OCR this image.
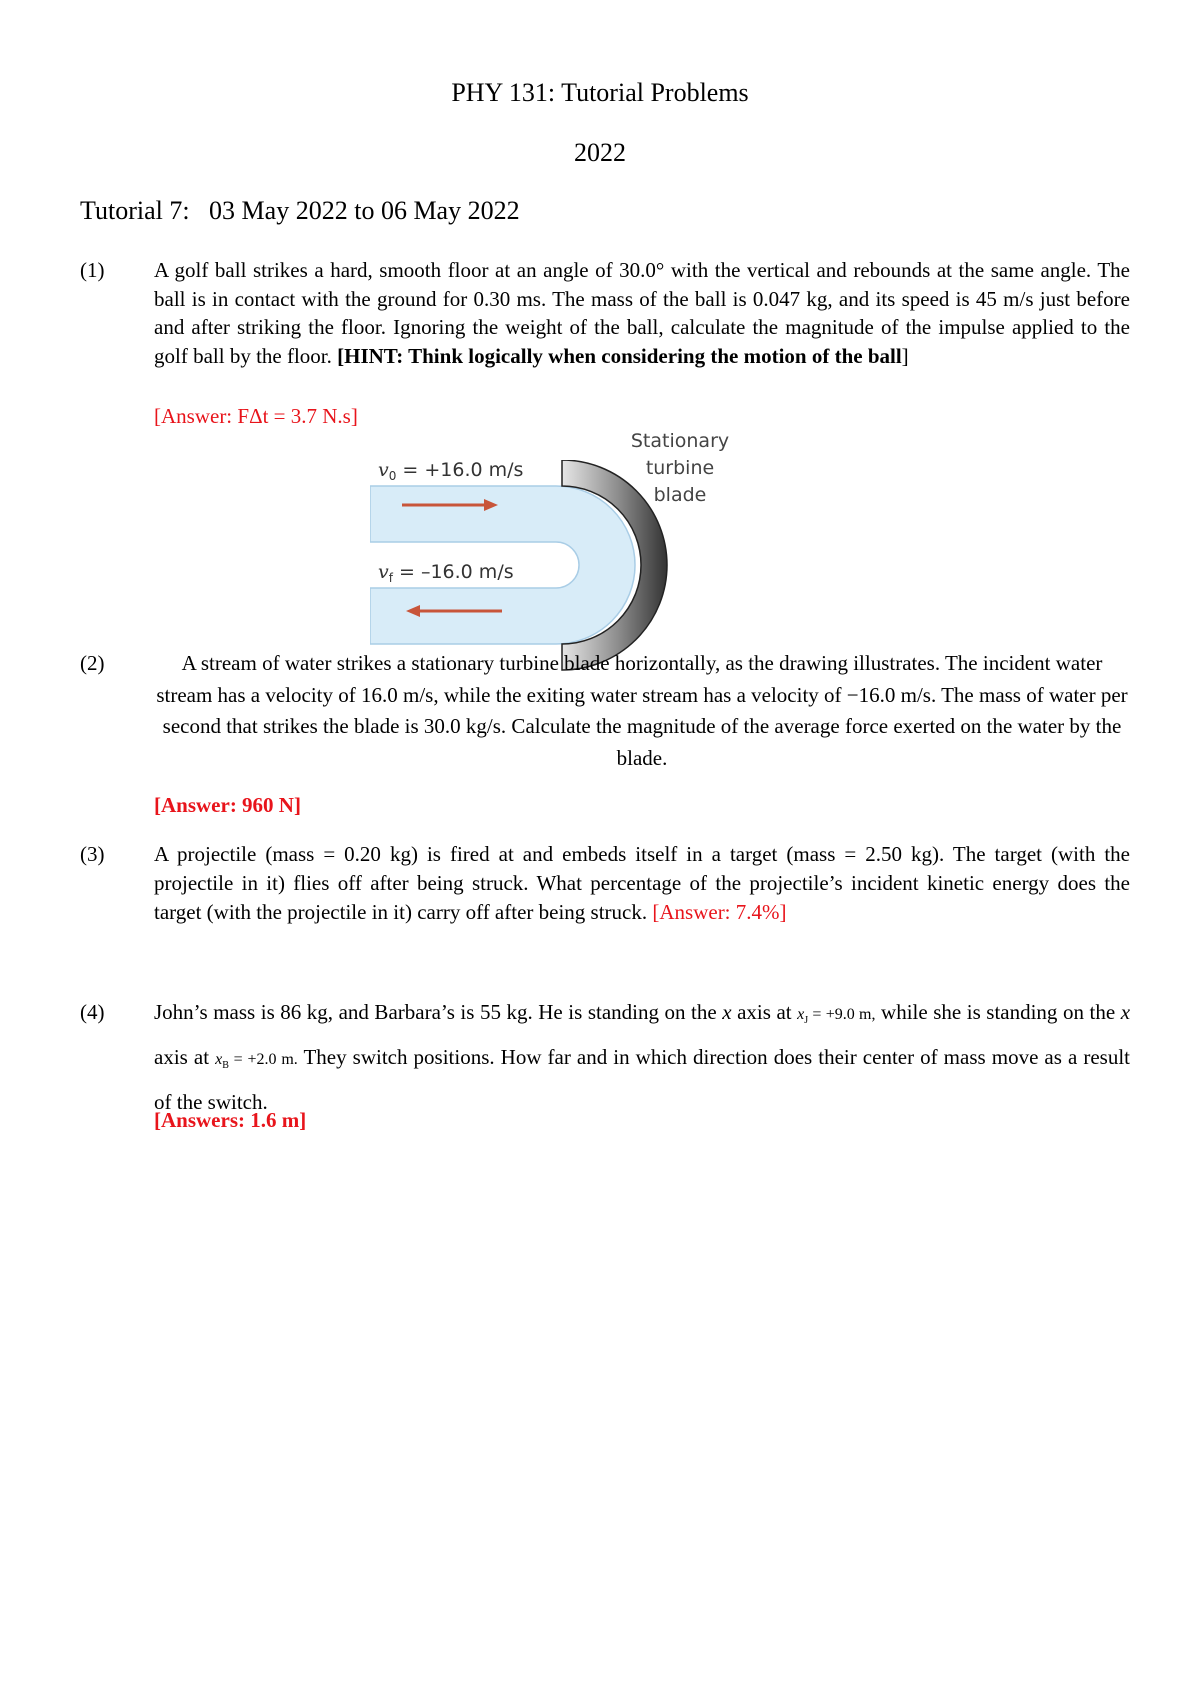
PHY 131: Tutorial Problems
2022
Tutorial 7:   03 May 2022 to 06 May 2022
(1) A golf ball strikes a hard, smooth floor at an angle of 30.0° with the vertical and rebounds at the same angle. The ball is in contact with the ground for 0.30 ms. The mass of the ball is 0.047 kg, and its speed is 45 m/s just before and after striking the floor. Ignoring the weight of the ball, calculate the magnitude of the impulse applied to the golf ball by the floor. [HINT: Think logically when considering the motion of the ball]
[Answer: FΔt = 3.7 N.s]
$v_0 = +16.0$ m/s
$v_f = -16.0$ m/s
Stationary
turbine
blade
(2)	A stream of water strikes a stationary turbine blade horizontally, as the drawing illustrates. The incident water stream has a velocity of 16.0 m/s, while the exiting water stream has a velocity of −16.0 m/s. The mass of water per second that strikes the blade is 30.0 kg/s. Calculate the magnitude of the average force exerted on the water by the blade.
[Answer: 960 N]
(3) A projectile (mass = 0.20 kg) is fired at and embeds itself in a target (mass = 2.50 kg). The target (with the projectile in it) flies off after being struck. What percentage of the projectile’s incident kinetic energy does the target (with the projectile in it) carry off after being struck. [Answer: 7.4%]
(4) John’s mass is 86 kg, and Barbara’s is 55 kg. He is standing on the x axis at $x_J = +9.0$ m, while she is standing on the x axis at $x_B = +2.0$ m. They switch positions. How far and in which direction does their center of mass move as a result of the switch.
[Answers: 1.6 m]
